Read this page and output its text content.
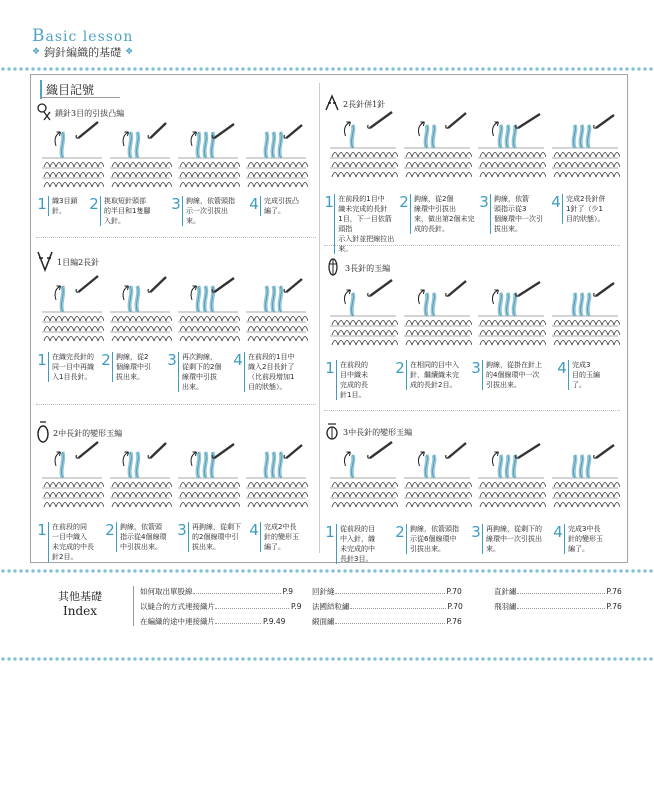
Basic lesson
❖ 鉤針編織的基礎 ❖
織目記號
鎖針3目的引拔凸編
1 織3目鎖
針。	2 挑取短針頭部
的半目和1隻腳
入針。
3 鉤線，依箭頭指
示一次引拔出
來。
4 完成引拔凸
編了。
2長針併1針
1 在前段的1目中
織未完成的長針
1目，下一目依箭頭指
示入針並把線拉出來。
2 鉤線，從2個
線環中引拔出
來，做出第2個未完
成的長針。
3 鉤線，依箭
頭指示從3
個線環中一次引
拔出來。
4 完成2長針併
1針了（少1
目的狀態）。
1目編2長針
1 在織完長針的
同一目中再織
入1目長針。
2 鉤線，從2
個線環中引
拔出來。
3 再次鉤線，
從剩下的2個
線環中引拔
出來。
4 在前段的1目中
織入2目長針了
（比前段增加1
目的狀態）。
3長針的玉編
1 在前段的
目中織未
完成的長
針1目。
2 在相同的目中入
針，繼續織未完
成的長針2目。
3 鉤線，從掛在針上
的4個線環中一次
引拔出來。
4 完成3
目的玉編
了。
2中長針的變形玉編
1 在前段的同
一目中織入
未完成的中長
針2目。
2 鉤線，依箭頭
指示從4個線環
中引拔出來。
3 再鉤線，從剩下
的2個線環中引
拔出來。
4 完成2中長
針的變形玉
編了。
3中長針的變形玉編
1 從前段的目
中入針，織
未完成的中
長針3目。
2 鉤線，依箭頭指
示從6個線環中
引拔出來。
3 再鉤線，從剩下的
線環中一次引拔出
來。
4 完成3中長
針的變形玉
編了。
其他基礎
Index
如何取出單股線	P.9
以縫合的方式連接織片	P.9
在編織的途中連接織片	P.9.49
回針縫	P.70
法國結粒繡	P.70
緞面繡	P.76
直針繡	P.76
飛羽繡	P.76
